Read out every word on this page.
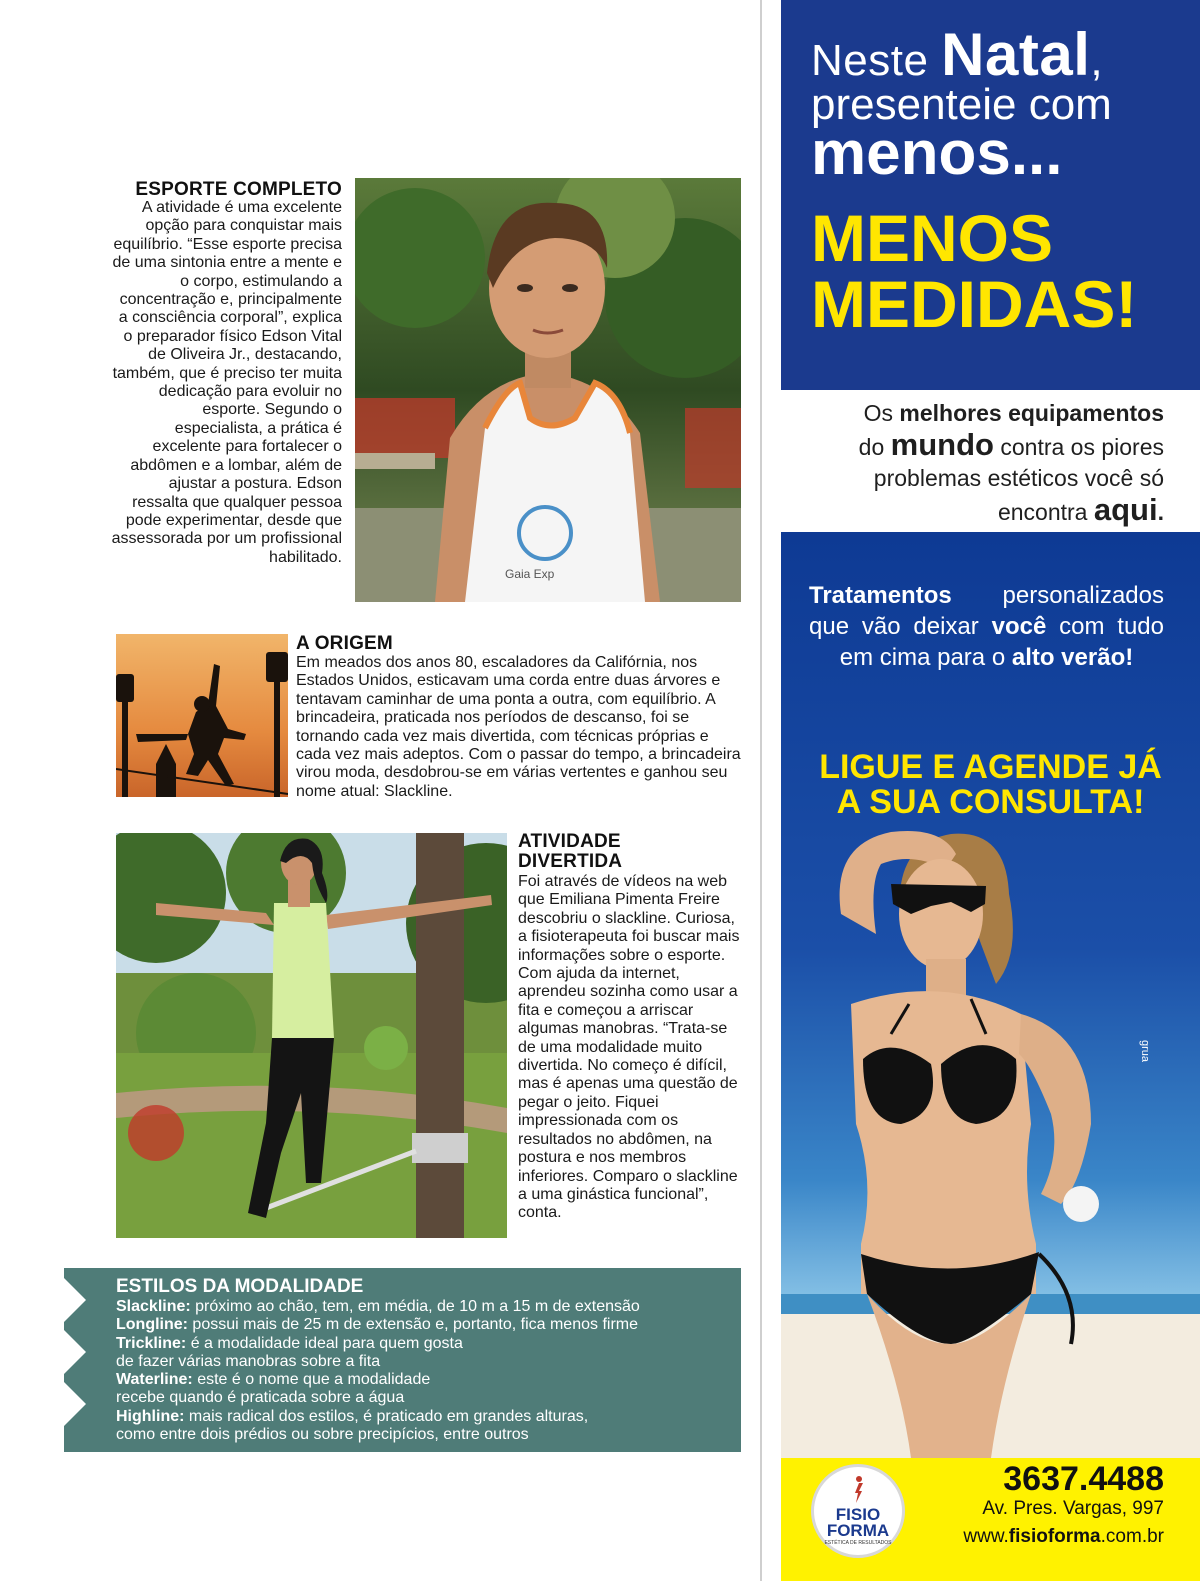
ESPORTE COMPLETO
A atividade é uma excelente opção para conquistar mais equilíbrio. “Esse esporte precisa de uma sintonia entre a mente e o corpo, estimulando a concentração e, principalmente a consciência corporal”, explica o preparador físico Edson Vital de Oliveira Jr., destacando, também, que é preciso ter muita dedicação para evoluir no esporte. Segundo o especialista, a prática é excelente para fortalecer o abdômen e a lombar, além de ajustar a postura. Edson ressalta que qualquer pessoa pode experimentar, desde que assessorada por um profissional habilitado.
Gaia Exp
A ORIGEM
Em meados dos anos 80, escaladores da Califórnia, nos Estados Unidos, esticavam uma corda entre duas árvores e tentavam caminhar de uma ponta a outra, com equilíbrio. A brincadeira, praticada nos períodos de descanso, foi se tornando cada vez mais divertida, com técnicas próprias e cada vez mais adeptos. Com o passar do tempo, a brincadeira virou moda, desdobrou-se em várias vertentes e ganhou seu nome atual: Slackline.
ATIVIDADE
DIVERTIDA
Foi através de vídeos na web que Emiliana Pimenta Freire descobriu o slackline. Curiosa, a fisioterapeuta foi buscar mais informações sobre o esporte. Com ajuda da internet, aprendeu sozinha como usar a fita e começou a arriscar algumas manobras. “Trata-se de uma modalidade muito divertida. No começo é difícil, mas é apenas uma questão de pegar o jeito. Fiquei impressionada com os resultados no abdômen, na postura e nos membros inferiores. Comparo o slackline a uma ginástica funcional”, conta.
ESTILOS DA MODALIDADE
Slackline: próximo ao chão, tem, em média, de 10 m a 15 m de extensão
Longline: possui mais de 25 m de extensão e, portanto, fica menos firme
Trickline: é a modalidade ideal para quem gosta
de fazer várias manobras sobre a fita
Waterline: este é o nome que a modalidade
recebe quando é praticada sobre a água
Highline: mais radical dos estilos, é praticado em grandes alturas,
como entre dois prédios ou sobre precipícios, entre outros
Neste Natal,
presenteie com
menos...
MENOS
MEDIDAS!
Os melhores equipamentos
do mundo contra os piores
problemas estéticos você só
encontra aqui.
Tratamentos personalizados que vão deixar você com tudo em cima para o alto verão!
LIGUE E AGENDE JÁ
A SUA CONSULTA!
grua
FISIO
FORMA
ESTÉTICA DE RESULTADOS
3637.4488
Av. Pres. Vargas, 997
www.fisioforma.com.br
